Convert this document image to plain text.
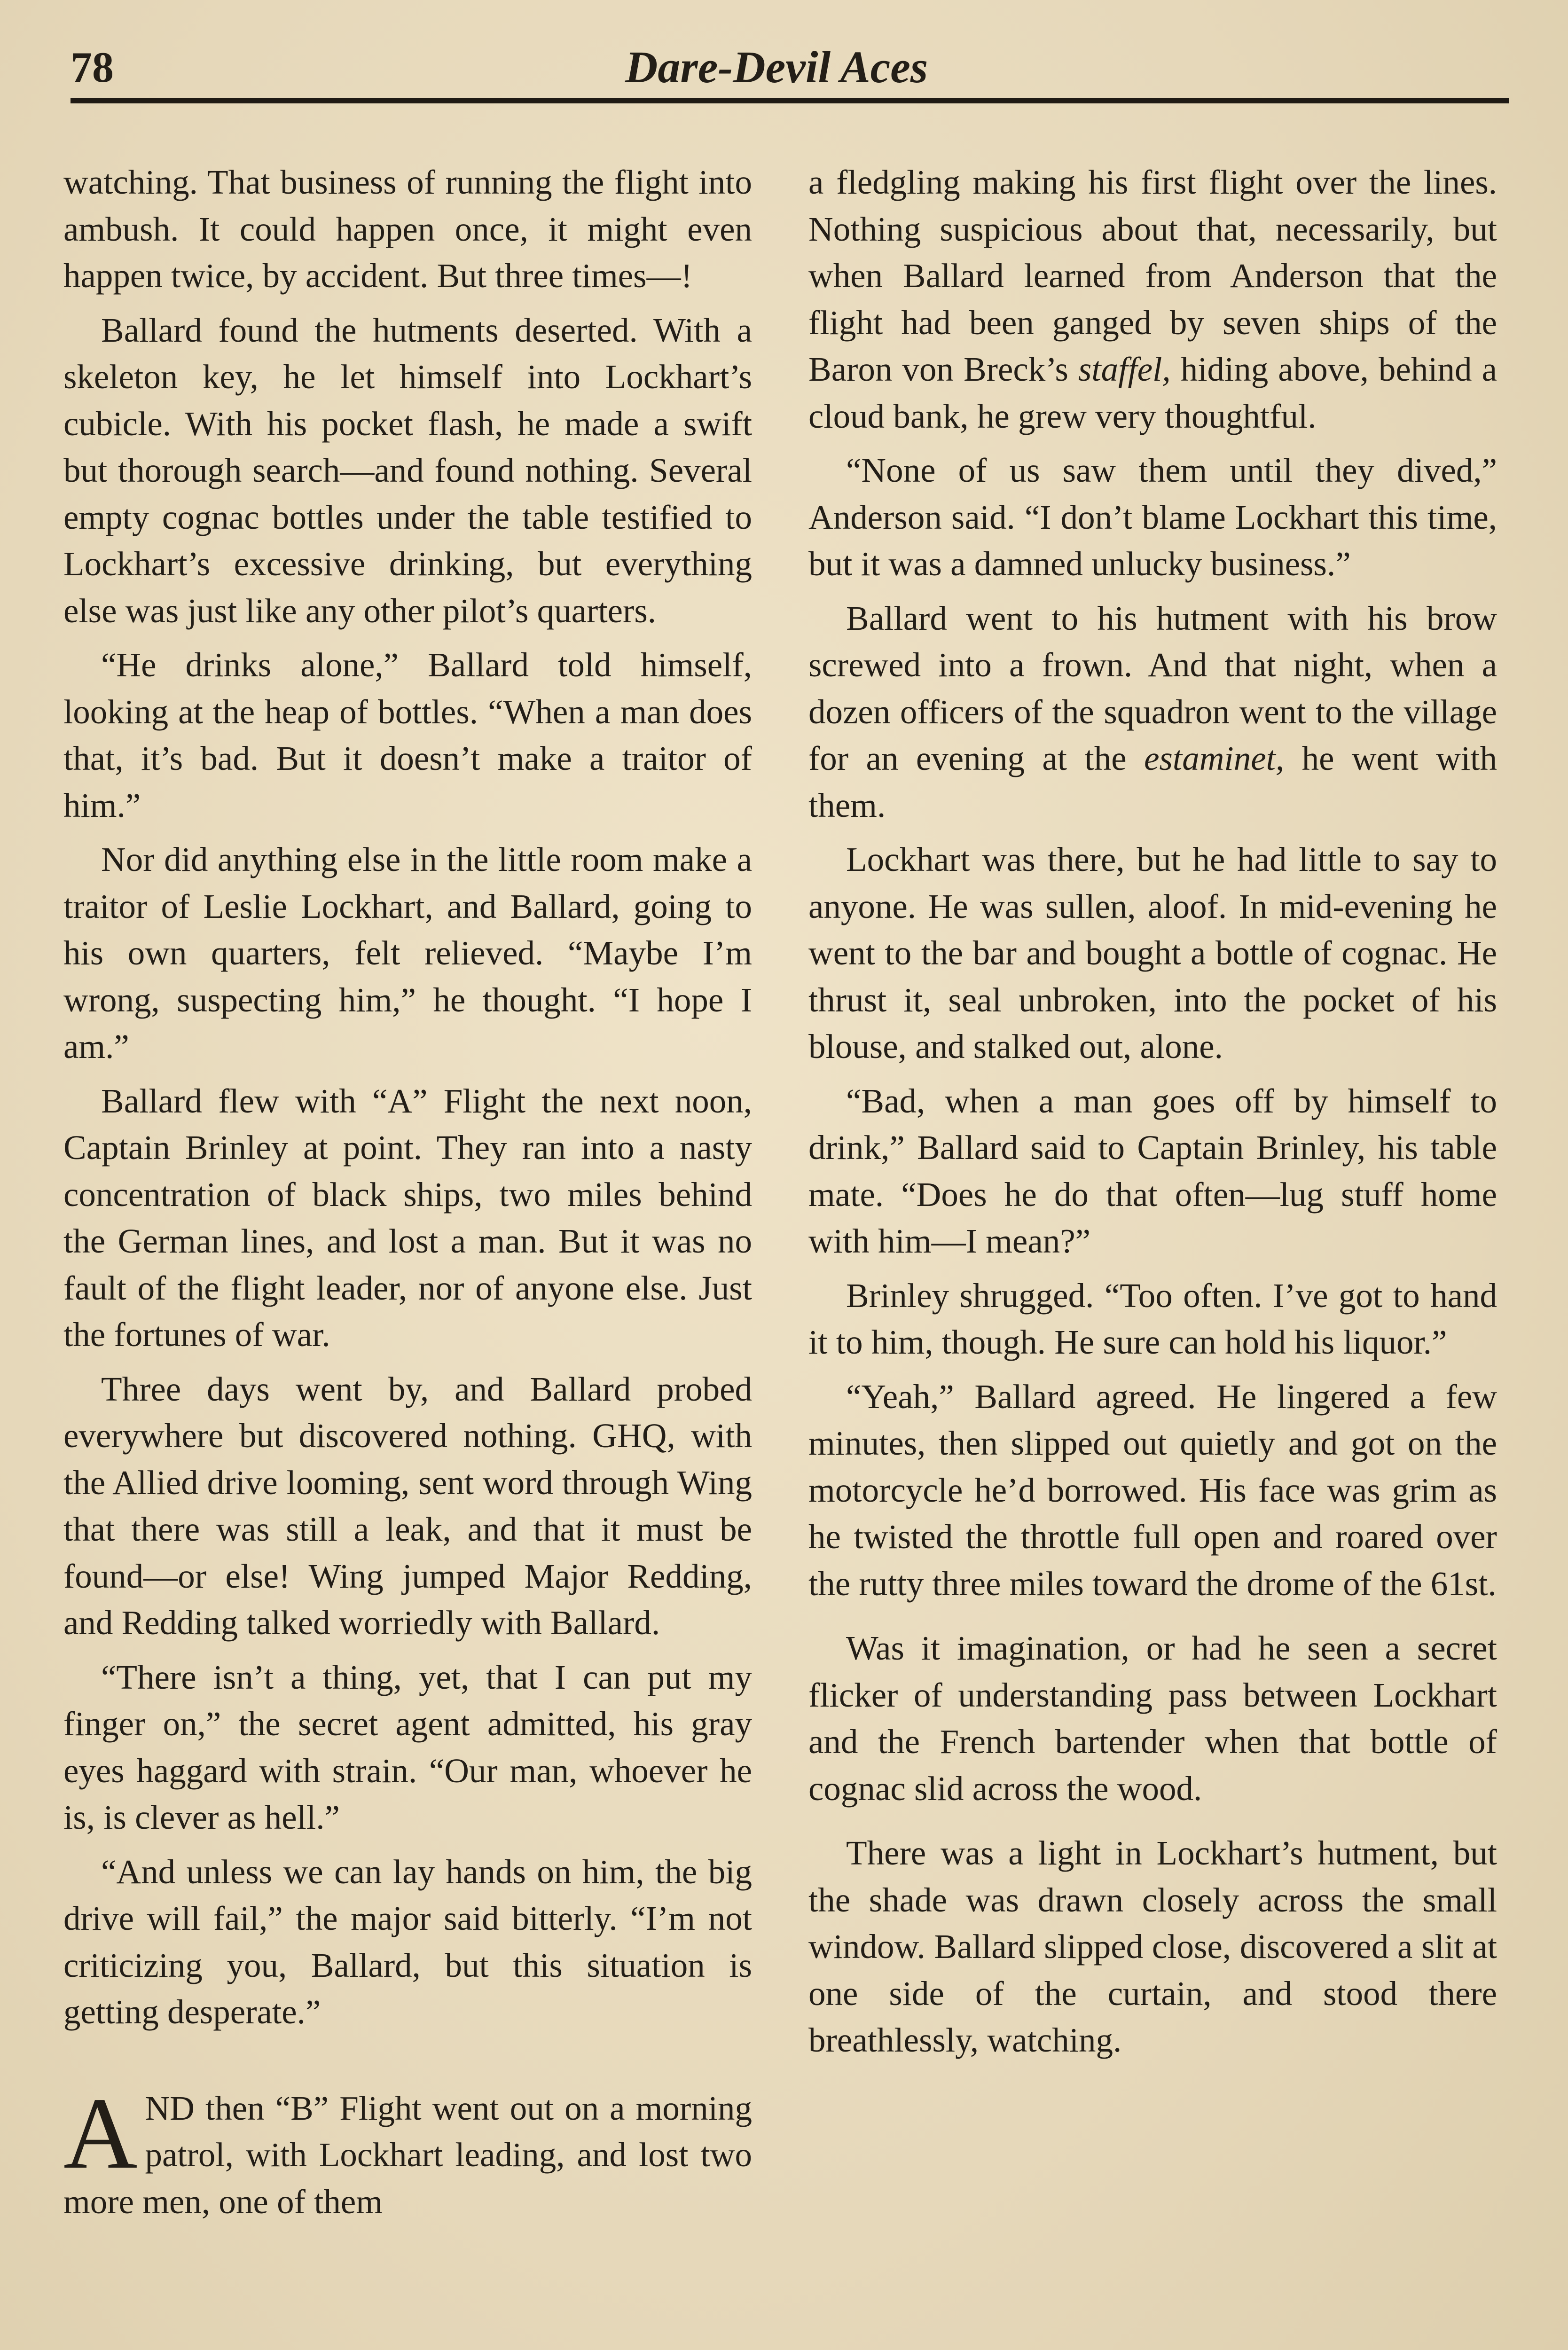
78	Dare-Devil Aces

watching. That business of running the flight into ambush. It could happen once, it might even happen twice, by accident. But three times—!

Ballard found the hutments deserted. With a skeleton key, he let himself into Lockhart’s cubicle. With his pocket flash, he made a swift but thorough search—and found nothing. Several empty cognac bottles under the table testified to Lockhart’s excessive drinking, but everything else was just like any other pilot’s quarters.

“He drinks alone,” Ballard told himself, looking at the heap of bottles. “When a man does that, it’s bad. But it doesn’t make a traitor of him.”

Nor did anything else in the little room make a traitor of Leslie Lockhart, and Ballard, going to his own quarters, felt relieved. “Maybe I’m wrong, suspecting him,” he thought. “I hope I am.”

Ballard flew with “A” Flight the next noon, Captain Brinley at point. They ran into a nasty concentration of black ships, two miles behind the German lines, and lost a man. But it was no fault of the flight leader, nor of anyone else. Just the fortunes of war.

Three days went by, and Ballard probed everywhere but discovered nothing. GHQ, with the Allied drive looming, sent word through Wing that there was still a leak, and that it must be found—or else! Wing jumped Major Redding, and Redding talked worriedly with Ballard.

“There isn’t a thing, yet, that I can put my finger on,” the secret agent admitted, his gray eyes haggard with strain. “Our man, whoever he is, is clever as hell.”

“And unless we can lay hands on him, the big drive will fail,” the major said bitterly. “I’m not criticizing you, Ballard, but this situation is getting desperate.”

AND then “B” Flight went out on a morning patrol, with Lockhart leading, and lost two more men, one of them

a fledgling making his first flight over the lines. Nothing suspicious about that, necessarily, but when Ballard learned from Anderson that the flight had been ganged by seven ships of the Baron von Breck’s staffel, hiding above, behind a cloud bank, he grew very thoughtful.

“None of us saw them until they dived,” Anderson said. “I don’t blame Lockhart this time, but it was a damned unlucky business.”

Ballard went to his hutment with his brow screwed into a frown. And that night, when a dozen officers of the squadron went to the village for an evening at the estaminet, he went with them.

Lockhart was there, but he had little to say to anyone. He was sullen, aloof. In mid-evening he went to the bar and bought a bottle of cognac. He thrust it, seal unbroken, into the pocket of his blouse, and stalked out, alone.

“Bad, when a man goes off by himself to drink,” Ballard said to Captain Brinley, his table mate. “Does he do that often—lug stuff home with him—I mean?”

Brinley shrugged. “Too often. I’ve got to hand it to him, though. He sure can hold his liquor.”

“Yeah,” Ballard agreed. He lingered a few minutes, then slipped out quietly and got on the motorcycle he’d borrowed. His face was grim as he twisted the throttle full open and roared over the rutty three miles toward the drome of the 61st.

Was it imagination, or had he seen a secret flicker of understanding pass between Lockhart and the French bartender when that bottle of cognac slid across the wood.

There was a light in Lockhart’s hutment, but the shade was drawn closely across the small window. Ballard slipped close, discovered a slit at one side of the curtain, and stood there breathlessly, watching.
